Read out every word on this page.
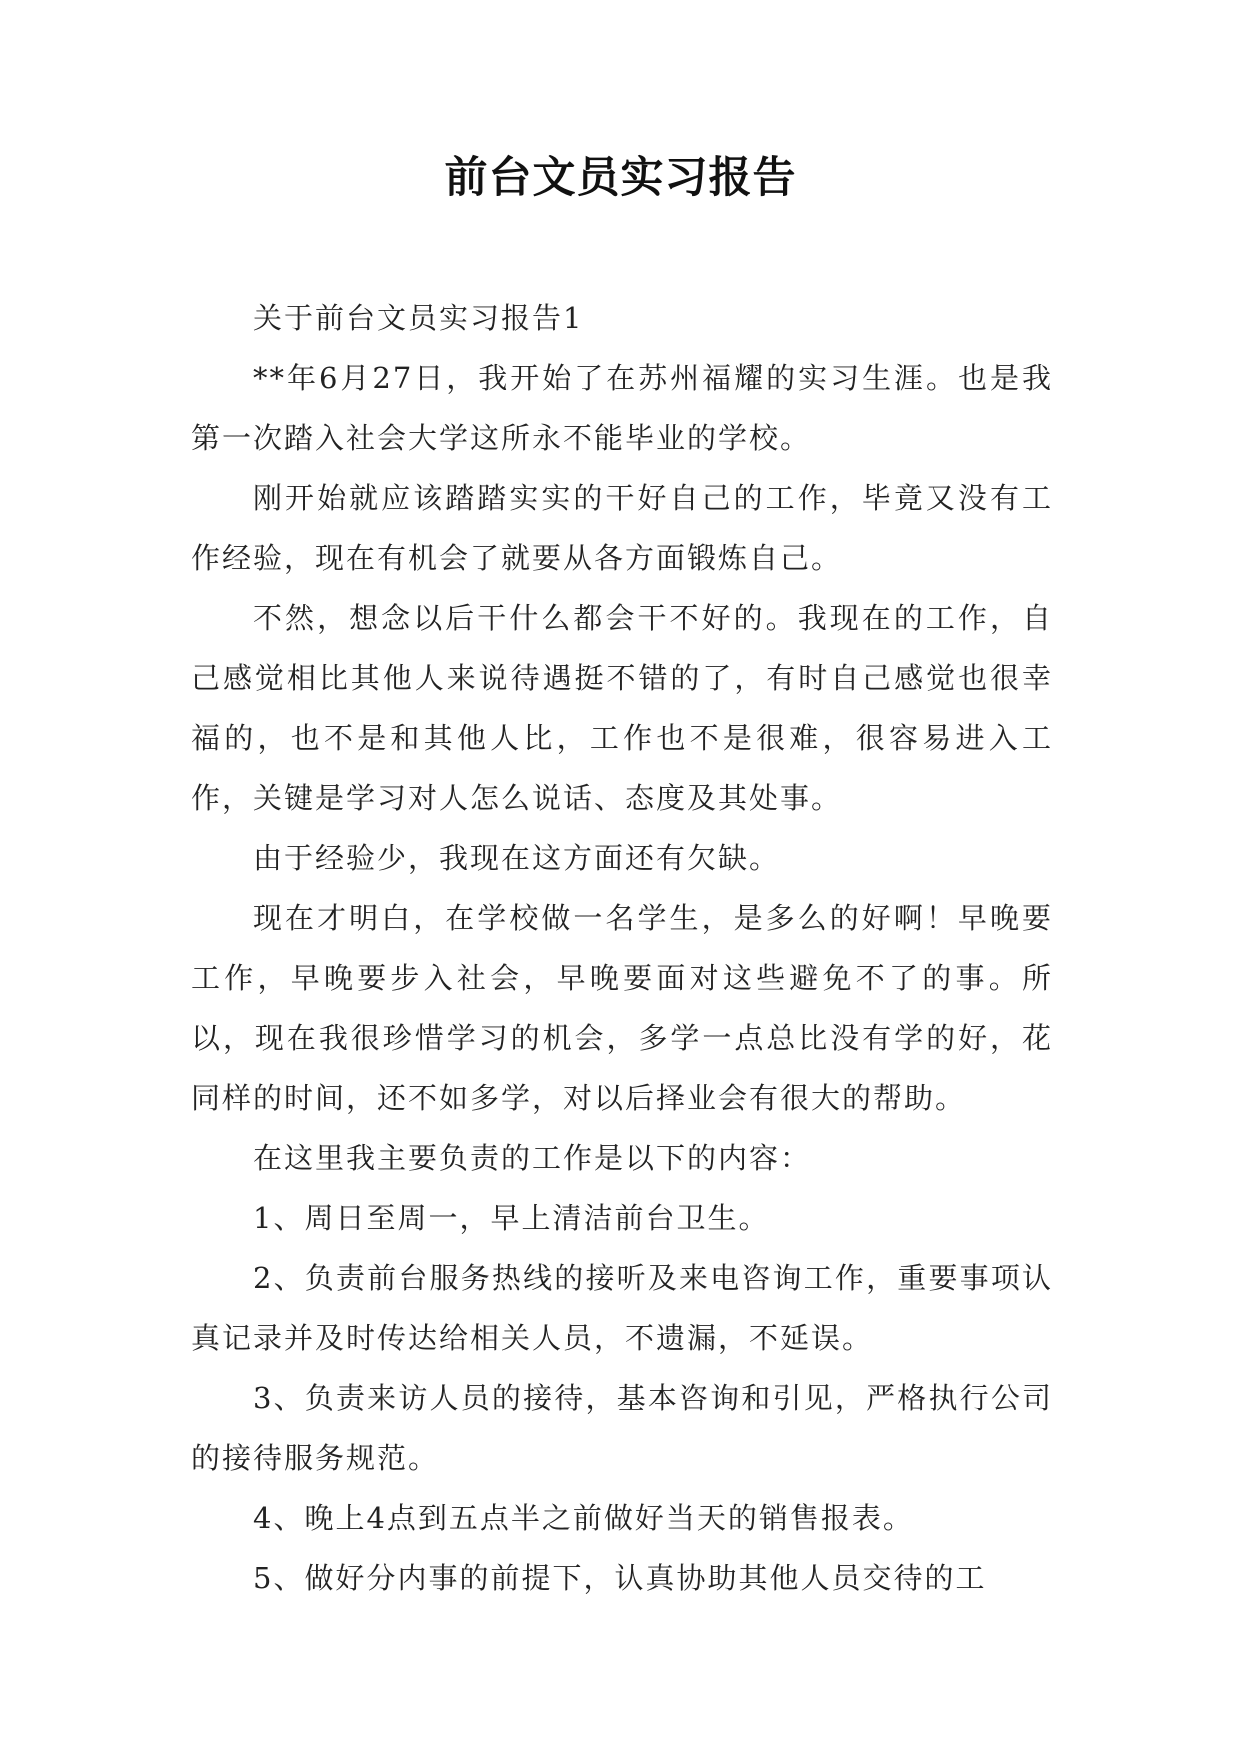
前台文员实习报告

关于前台文员实习报告1

**年6月27日，我开始了在苏州福耀的实习生涯。也是我第一次踏入社会大学这所永不能毕业的学校。

刚开始就应该踏踏实实的干好自己的工作，毕竟又没有工作经验，现在有机会了就要从各方面锻炼自己。

不然，想念以后干什么都会干不好的。我现在的工作，自己感觉相比其他人来说待遇挺不错的了，有时自己感觉也很幸福的，也不是和其他人比，工作也不是很难，很容易进入工作，关键是学习对人怎么说话、态度及其处事。

由于经验少，我现在这方面还有欠缺。

现在才明白，在学校做一名学生，是多么的好啊！早晚要工作，早晚要步入社会，早晚要面对这些避免不了的事。所以，现在我很珍惜学习的机会，多学一点总比没有学的好，花同样的时间，还不如多学，对以后择业会有很大的帮助。

在这里我主要负责的工作是以下的内容：

1、周日至周一，早上清洁前台卫生。

2、负责前台服务热线的接听及来电咨询工作，重要事项认真记录并及时传达给相关人员，不遗漏，不延误。

3、负责来访人员的接待，基本咨询和引见，严格执行公司的接待服务规范。

4、晚上4点到五点半之前做好当天的销售报表。

5、做好分内事的前提下，认真协助其他人员交待的工
